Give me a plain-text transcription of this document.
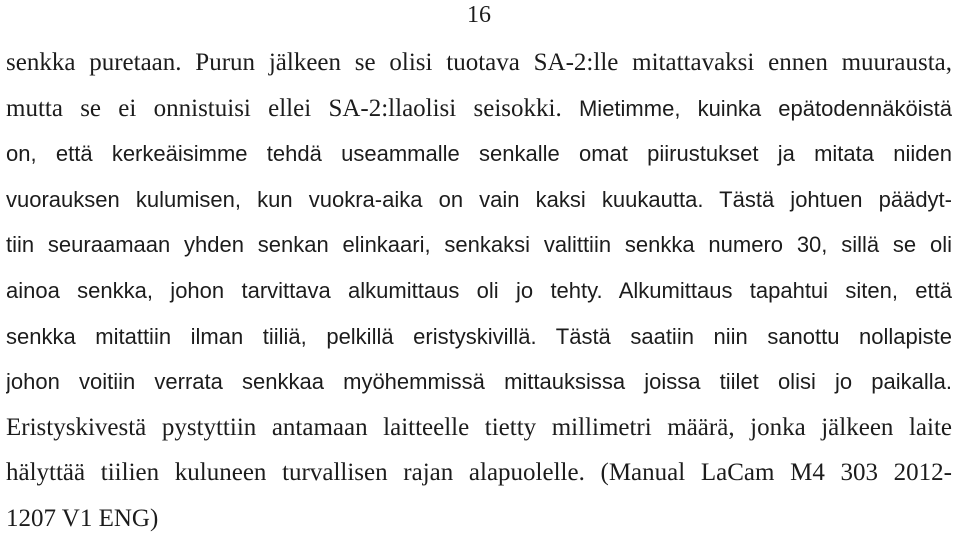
16
senkka puretaan. Purun jälkeen se olisi tuotava SA-2:lle mitattavaksi ennen muurausta,
mutta se ei onnistuisi ellei SA-2:llaolisi seisokki. Mietimme, kuinka epätodennäköistä
on, että kerkeäisimme tehdä useammalle senkalle omat piirustukset ja mitata niiden
vuorauksen kulumisen, kun vuokra-aika on vain kaksi kuukautta. Tästä johtuen päädyt-
tiin seuraamaan yhden senkan elinkaari, senkaksi valittiin senkka numero 30, sillä se oli
ainoa senkka, johon tarvittava alkumittaus oli jo tehty. Alkumittaus tapahtui siten, että
senkka mitattiin ilman tiiliä, pelkillä eristyskivillä. Tästä saatiin niin sanottu nollapiste
johon voitiin verrata senkkaa myöhemmissä mittauksissa joissa tiilet olisi jo paikalla.
Eristyskivestä pystyttiin antamaan laitteelle tietty millimetri määrä, jonka jälkeen laite
hälyttää tiilien kuluneen turvallisen rajan alapuolelle. (Manual LaCam M4 303 2012-
1207 V1 ENG)
